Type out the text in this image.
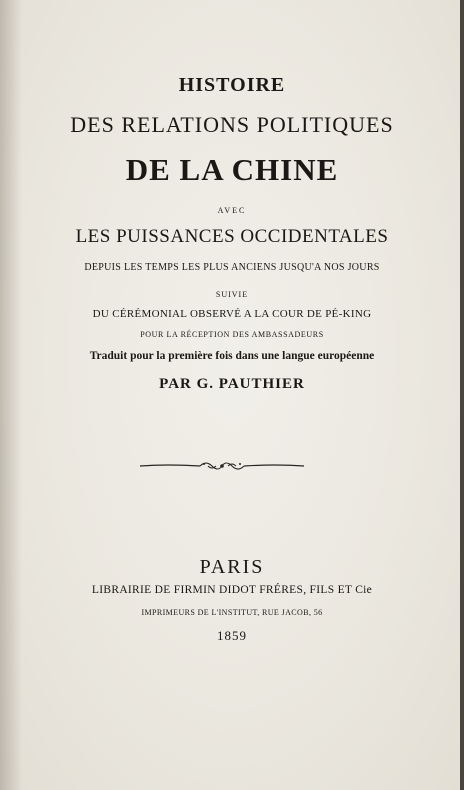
HISTOIRE
DES RELATIONS POLITIQUES
DE LA CHINE
AVEC
LES PUISSANCES OCCIDENTALES
DEPUIS LES TEMPS LES PLUS ANCIENS JUSQU'A NOS JOURS
SUIVIE
DU CÉRÉMONIAL OBSERVÉ A LA COUR DE PÉ-KING
POUR LA RÉCEPTION DES AMBASSADEURS
Traduit pour la première fois dans une langue européenne
PAR G. PAUTHIER
PARIS
LIBRAIRIE DE FIRMIN DIDOT FRÉRES, FILS ET Cie
IMPRIMEURS DE L'INSTITUT, RUE JACOB, 56
1859
